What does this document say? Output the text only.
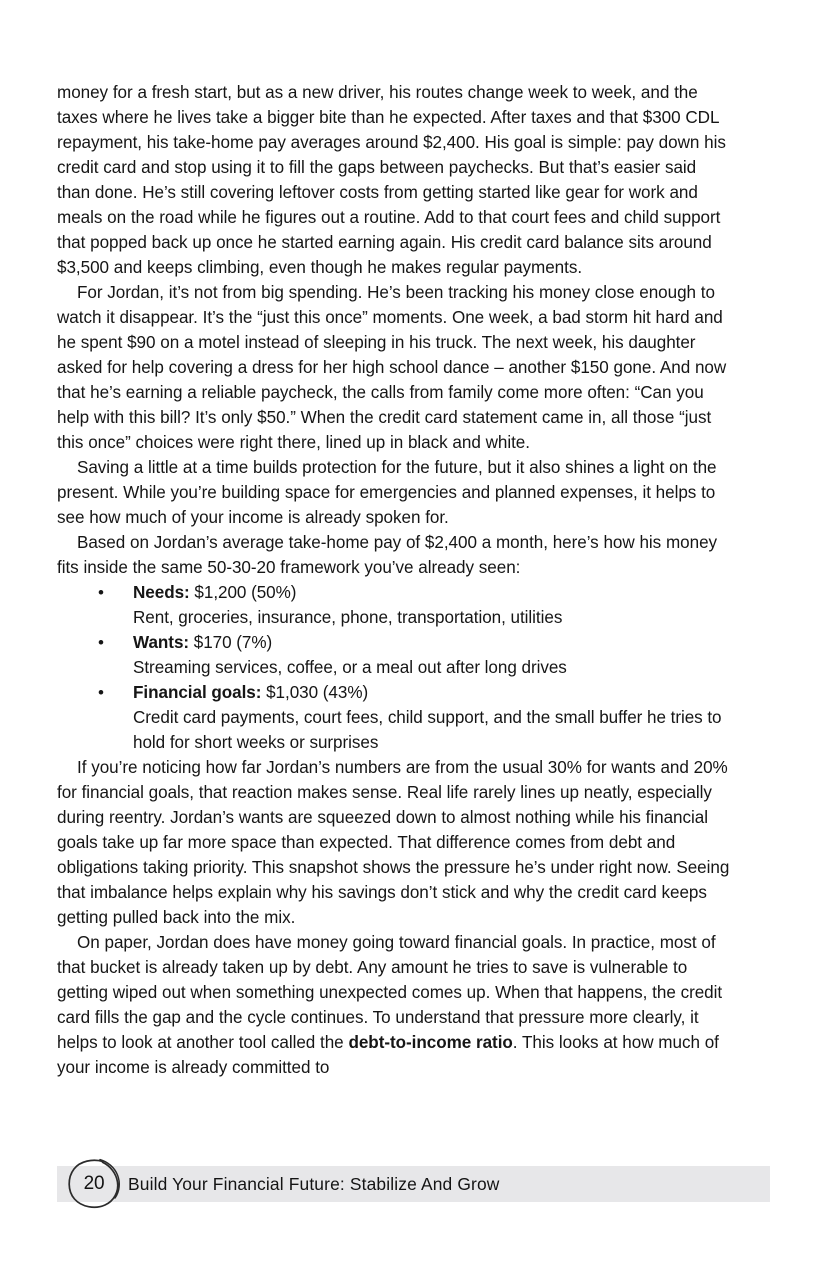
money for a fresh start, but as a new driver, his routes change week to week, and the taxes where he lives take a bigger bite than he expected. After taxes and that $300 CDL repayment, his take-home pay averages around $2,400. His goal is simple: pay down his credit card and stop using it to fill the gaps between paychecks. But that’s easier said than done. He’s still covering leftover costs from getting started like gear for work and meals on the road while he figures out a routine. Add to that court fees and child support that popped back up once he started earning again. His credit card balance sits around $3,500 and keeps climbing, even though he makes regular payments.

For Jordan, it’s not from big spending. He’s been tracking his money close enough to watch it disappear. It’s the “just this once” moments. One week, a bad storm hit hard and he spent $90 on a motel instead of sleeping in his truck. The next week, his daughter asked for help covering a dress for her high school dance – another $150 gone. And now that he’s earning a reliable paycheck, the calls from family come more often: “Can you help with this bill? It’s only $50.” When the credit card statement came in, all those “just this once” choices were right there, lined up in black and white.

Saving a little at a time builds protection for the future, but it also shines a light on the present. While you’re building space for emergencies and planned expenses, it helps to see how much of your income is already spoken for.

Based on Jordan’s average take-home pay of $2,400 a month, here’s how his money fits inside the same 50-30-20 framework you’ve already seen:

• Needs: $1,200 (50%)
Rent, groceries, insurance, phone, transportation, utilities
• Wants: $170 (7%)
Streaming services, coffee, or a meal out after long drives
• Financial goals: $1,030 (43%)
Credit card payments, court fees, child support, and the small buffer he tries to hold for short weeks or surprises

If you’re noticing how far Jordan’s numbers are from the usual 30% for wants and 20% for financial goals, that reaction makes sense. Real life rarely lines up neatly, especially during reentry. Jordan’s wants are squeezed down to almost nothing while his financial goals take up far more space than expected. That difference comes from debt and obligations taking priority. This snapshot shows the pressure he’s under right now. Seeing that imbalance helps explain why his savings don’t stick and why the credit card keeps getting pulled back into the mix.

On paper, Jordan does have money going toward financial goals. In practice, most of that bucket is already taken up by debt. Any amount he tries to save is vulnerable to getting wiped out when something unexpected comes up. When that happens, the credit card fills the gap and the cycle continues. To understand that pressure more clearly, it helps to look at another tool called the debt-to-income ratio. This looks at how much of your income is already committed to

20	Build Your Financial Future: Stabilize And Grow
